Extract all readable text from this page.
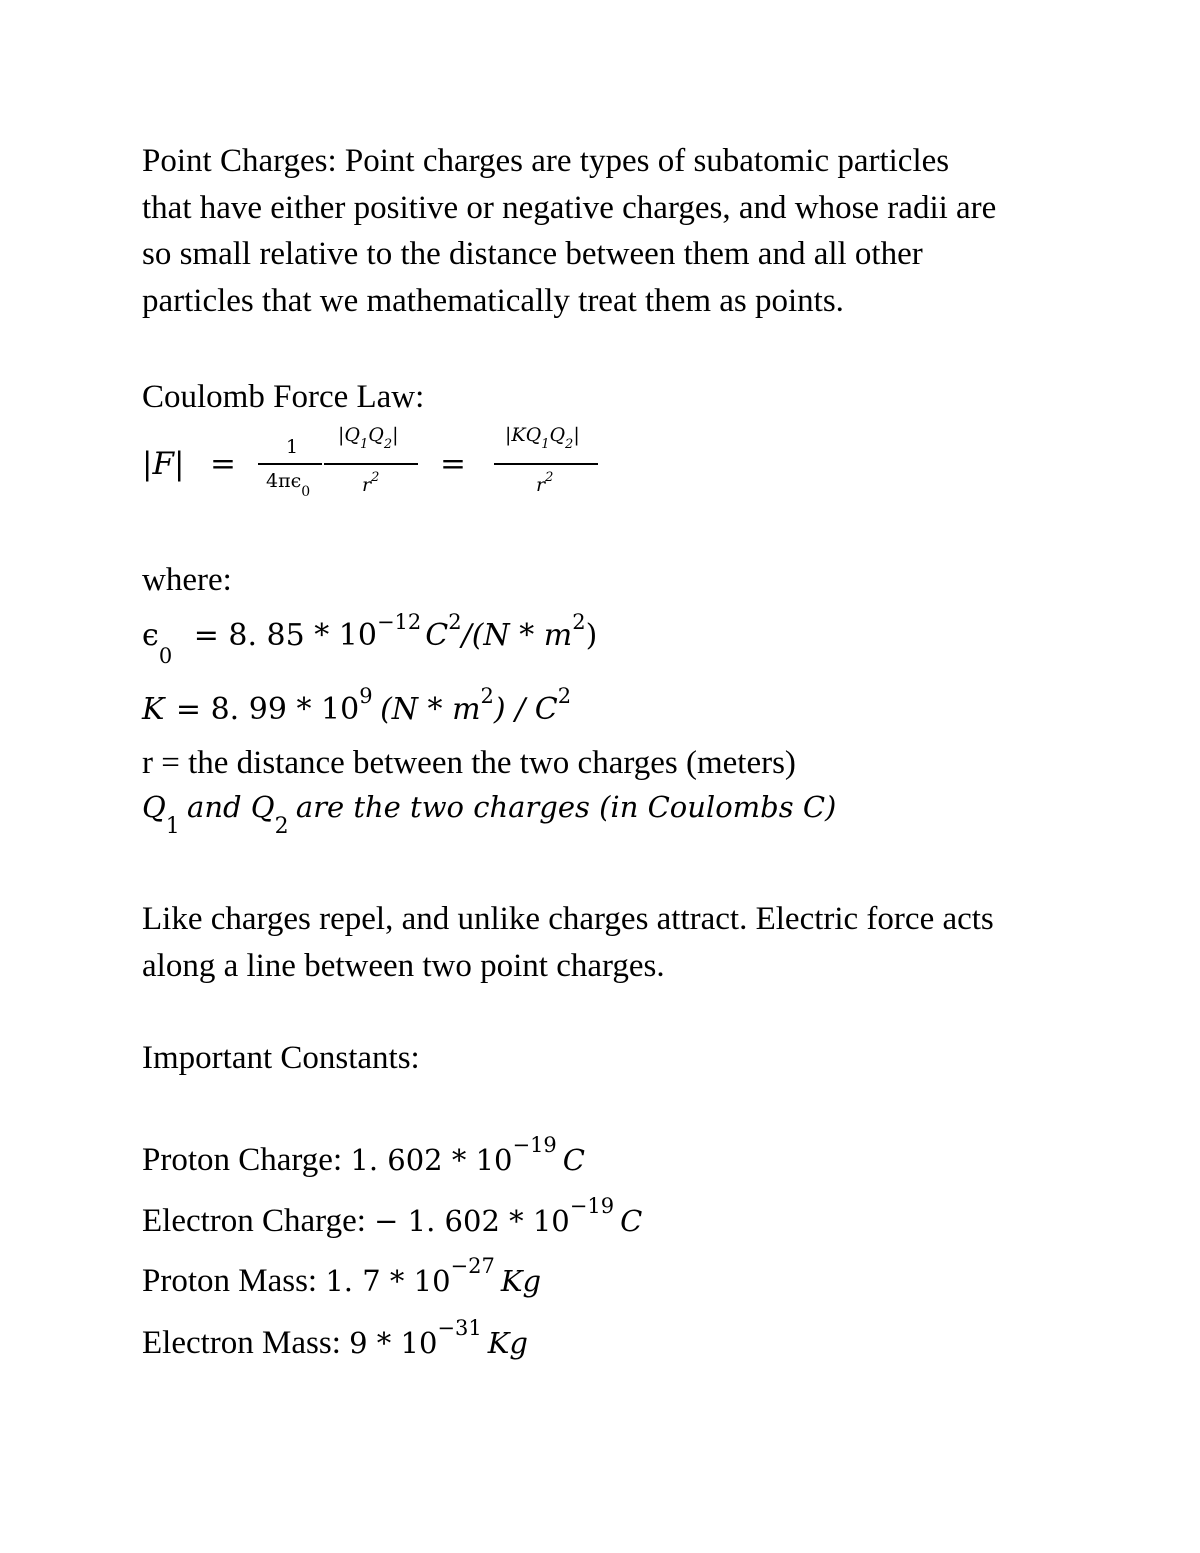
Point Charges: Point charges are types of subatomic particles
that have either positive or negative charges, and whose radii are
so small relative to the distance between them and all other
particles that we mathematically treat them as points.
Coulomb Force Law:
|F| =	1
$4\pi\epsilon_0$
$|Q_1Q_2|$
$r^2$ =
$|KQ_1Q_2|$
$r^2$
where:
$\epsilon_0 = 8$. $85 * 10^{-12}$ $C^2/(N * m^2)$
K = 8. $99 * 10^9$ $(N * m^2) / C^2$
r = the distance between the two charges (meters)
$Q_1$ and $Q_2$ are the two charges (in Coulombs C)
Like charges repel, and unlike charges attract. Electric force acts
along a line between two point charges.
Important Constants:
Proton Charge: 1. $602 * 10^{-19}$ C
Electron Charge: − 1. $602 * 10^{-19}$ C
Proton Mass: 1. $7 * 10^{-27}$ Kg
Electron Mass: $9 * 10^{-31}$ Kg
